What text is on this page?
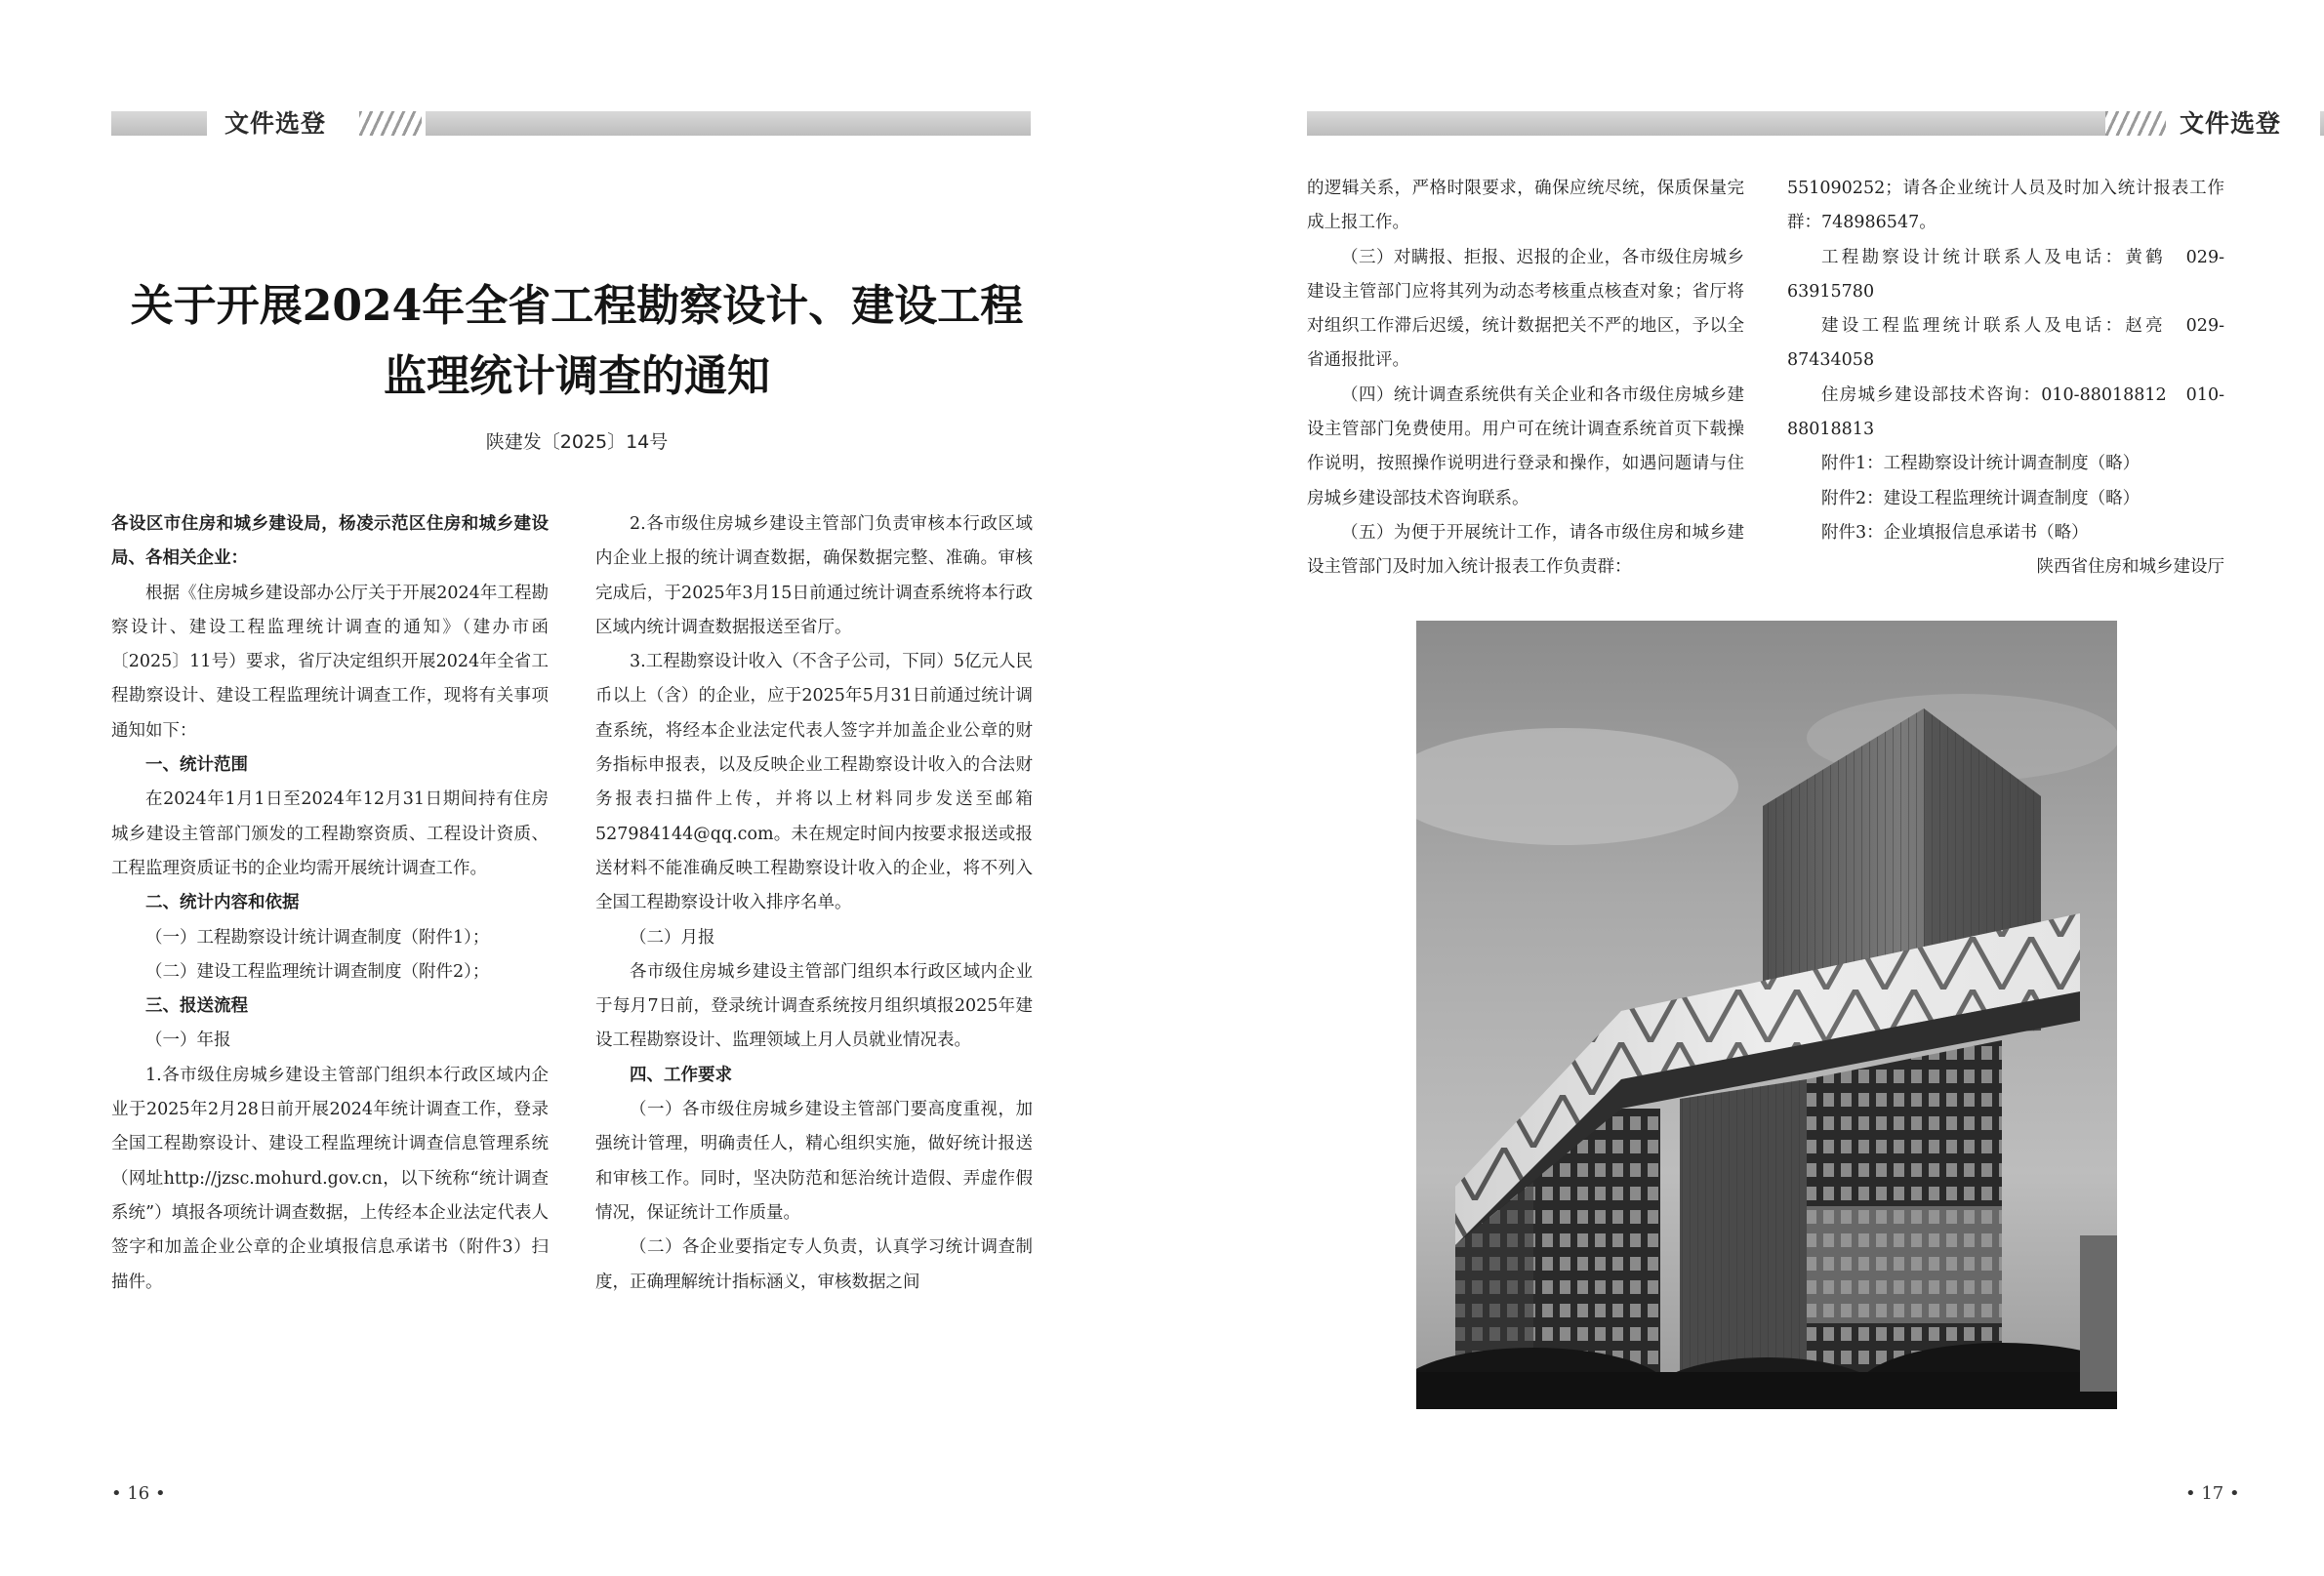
文件选登
关于开展2024年全省工程勘察设计、建设工程
监理统计调查的通知
陕建发〔2025〕14号

各设区市住房和城乡建设局，杨凌示范区住房和城乡建设局、各相关企业：

根据《住房城乡建设部办公厅关于开展2024年工程勘察设计、建设工程监理统计调查的通知》（建办市函〔2025〕11号）要求，省厅决定组织开展2024年全省工程勘察设计、建设工程监理统计调查工作，现将有关事项通知如下：

一、统计范围

在2024年1月1日至2024年12月31日期间持有住房城乡建设主管部门颁发的工程勘察资质、工程设计资质、工程监理资质证书的企业均需开展统计调查工作。

二、统计内容和依据

（一）工程勘察设计统计调查制度（附件1）；

（二）建设工程监理统计调查制度（附件2）；

三、报送流程

（一）年报

1.各市级住房城乡建设主管部门组织本行政区域内企业于2025年2月28日前开展2024年统计调查工作，登录全国工程勘察设计、建设工程监理统计调查信息管理系统（网址http://jzsc.mohurd.gov.cn，以下统称“统计调查系统”）填报各项统计调查数据，上传经本企业法定代表人签字和加盖企业公章的企业填报信息承诺书（附件3）扫描件。

2.各市级住房城乡建设主管部门负责审核本行政区域内企业上报的统计调查数据，确保数据完整、准确。审核完成后，于2025年3月15日前通过统计调查系统将本行政区域内统计调查数据报送至省厅。

3.工程勘察设计收入（不含子公司，下同）5亿元人民币以上（含）的企业，应于2025年5月31日前通过统计调查系统，将经本企业法定代表人签字并加盖企业公章的财务指标申报表，以及反映企业工程勘察设计收入的合法财务报表扫描件上传，并将以上材料同步发送至邮箱527984144@qq.com。未在规定时间内按要求报送或报送材料不能准确反映工程勘察设计收入的企业，将不列入全国工程勘察设计收入排序名单。

（二）月报

各市级住房城乡建设主管部门组织本行政区域内企业于每月7日前，登录统计调查系统按月组织填报2025年建设工程勘察设计、监理领域上月人员就业情况表。

四、工作要求

（一）各市级住房城乡建设主管部门要高度重视，加强统计管理，明确责任人，精心组织实施，做好统计报送和审核工作。同时，坚决防范和惩治统计造假、弄虚作假情况，保证统计工作质量。

（二）各企业要指定专人负责，认真学习统计调查制度，正确理解统计指标涵义，审核数据之间

• 16 •
文件选登

的逻辑关系，严格时限要求，确保应统尽统，保质保量完成上报工作。

（三）对瞒报、拒报、迟报的企业，各市级住房城乡建设主管部门应将其列为动态考核重点核查对象；省厅将对组织工作滞后迟缓，统计数据把关不严的地区，予以全省通报批评。

（四）统计调查系统供有关企业和各市级住房城乡建设主管部门免费使用。用户可在统计调查系统首页下载操作说明，按照操作说明进行登录和操作，如遇问题请与住房城乡建设部技术咨询联系。

（五）为便于开展统计工作，请各市级住房和城乡建设主管部门及时加入统计报表工作负责群：

551090252；请各企业统计人员及时加入统计报表工作群：748986547。

工程勘察设计统计联系人及电话：黄鹤　029-63915780

建设工程监理统计联系人及电话：赵亮　029-87434058

住房城乡建设部技术咨询：010-88018812　010-88018813

附件1：工程勘察设计统计调查制度（略）

附件2：建设工程监理统计调查制度（略）

附件3：企业填报信息承诺书（略）

陕西省住房和城乡建设厅

• 17 •
